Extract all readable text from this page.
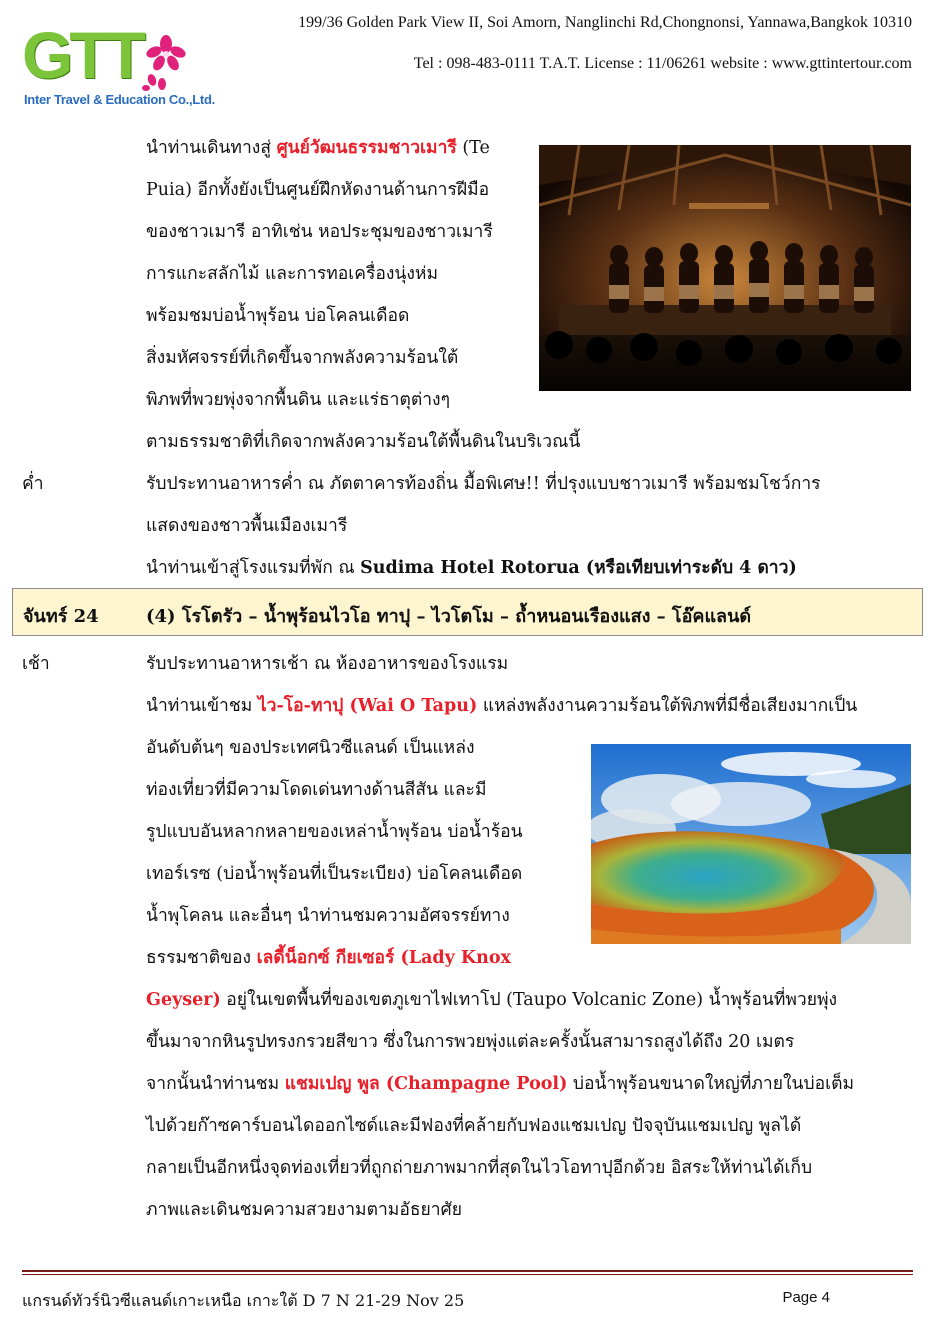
GTT
Inter Travel & Education Co.,Ltd.
199/36 Golden Park View II, Soi Amorn, Nanglinchi Rd,Chongnonsi, Yannawa,Bangkok 10310
Tel : 098-483-0111 T.A.T. License : 11/06261 website : www.gttintertour.com
นำท่านเดินทางสู่ ศูนย์วัฒนธรรมชาวเมารี (Te
Puia) อีกทั้งยังเป็นศูนย์ฝึกหัดงานด้านการฝีมือ
ของชาวเมารี อาทิเช่น หอประชุมของชาวเมารี
การแกะสลักไม้ และการทอเครื่องนุ่งห่ม
พร้อมชมบ่อน้ำพุร้อน บ่อโคลนเดือด
สิ่งมหัศจรรย์ที่เกิดขึ้นจากพลังความร้อนใต้
พิภพที่พวยพุ่งจากพื้นดิน และแร่ธาตุต่างๆ
ตามธรรมชาติที่เกิดจากพลังความร้อนใต้พื้นดินในบริเวณนี้
ค่ำ	รับประทานอาหารค่ำ ณ ภัตตาคารท้องถิ่น มื้อพิเศษ!! ที่ปรุงแบบชาวเมารี พร้อมชมโชว์การ
แสดงของชาวพื้นเมืองเมารี
นำท่านเข้าสู่โรงแรมที่พัก ณ Sudima Hotel Rotorua (หรือเทียบเท่าระดับ 4 ดาว)
จันทร์ 24	(4) โรโตรัว – น้ำพุร้อนไวโอ ทาปุ – ไวโตโม – ถ้ำหนอนเรืองแสง – โอ๊คแลนด์
เช้า	รับประทานอาหารเช้า ณ ห้องอาหารของโรงแรม
นำท่านเข้าชม ไว-โอ-ทาปุ (Wai O Tapu) แหล่งพลังงานความร้อนใต้พิภพที่มีชื่อเสียงมากเป็น
อันดับต้นๆ ของประเทศนิวซีแลนด์ เป็นแหล่ง
ท่องเที่ยวที่มีความโดดเด่นทางด้านสีสัน และมี
รูปแบบอันหลากหลายของเหล่าน้ำพุร้อน บ่อน้ำร้อน
เทอร์เรซ (บ่อน้ำพุร้อนที่เป็นระเบียง) บ่อโคลนเดือด
น้ำพุโคลน และอื่นๆ นำท่านชมความอัศจรรย์ทาง
ธรรมชาติของ เลดี้น็อกซ์ กียเซอร์ (Lady Knox
Geyser) อยู่ในเขตพื้นที่ของเขตภูเขาไฟเทาโป (Taupo Volcanic Zone) น้ำพุร้อนที่พวยพุ่ง
ขึ้นมาจากหินรูปทรงกรวยสีขาว ซึ่งในการพวยพุ่งแต่ละครั้งนั้นสามารถสูงได้ถึง 20 เมตร
จากนั้นนำท่านชม แชมเปญ พูล (Champagne Pool) บ่อน้ำพุร้อนขนาดใหญ่ที่ภายในบ่อเต็ม
ไปด้วยก๊าซคาร์บอนไดออกไซด์และมีฟองที่คล้ายกับฟองแชมเปญ ปัจจุบันแชมเปญ พูลได้
กลายเป็นอีกหนึ่งจุดท่องเที่ยวที่ถูกถ่ายภาพมากที่สุดในไวโอทาปุอีกด้วย อิสระให้ท่านได้เก็บ
ภาพและเดินชมความสวยงามตามอัธยาศัย
แกรนด์ทัวร์นิวซีแลนด์เกาะเหนือ เกาะใต้ D 7 N 21-29 Nov 25	Page 4
